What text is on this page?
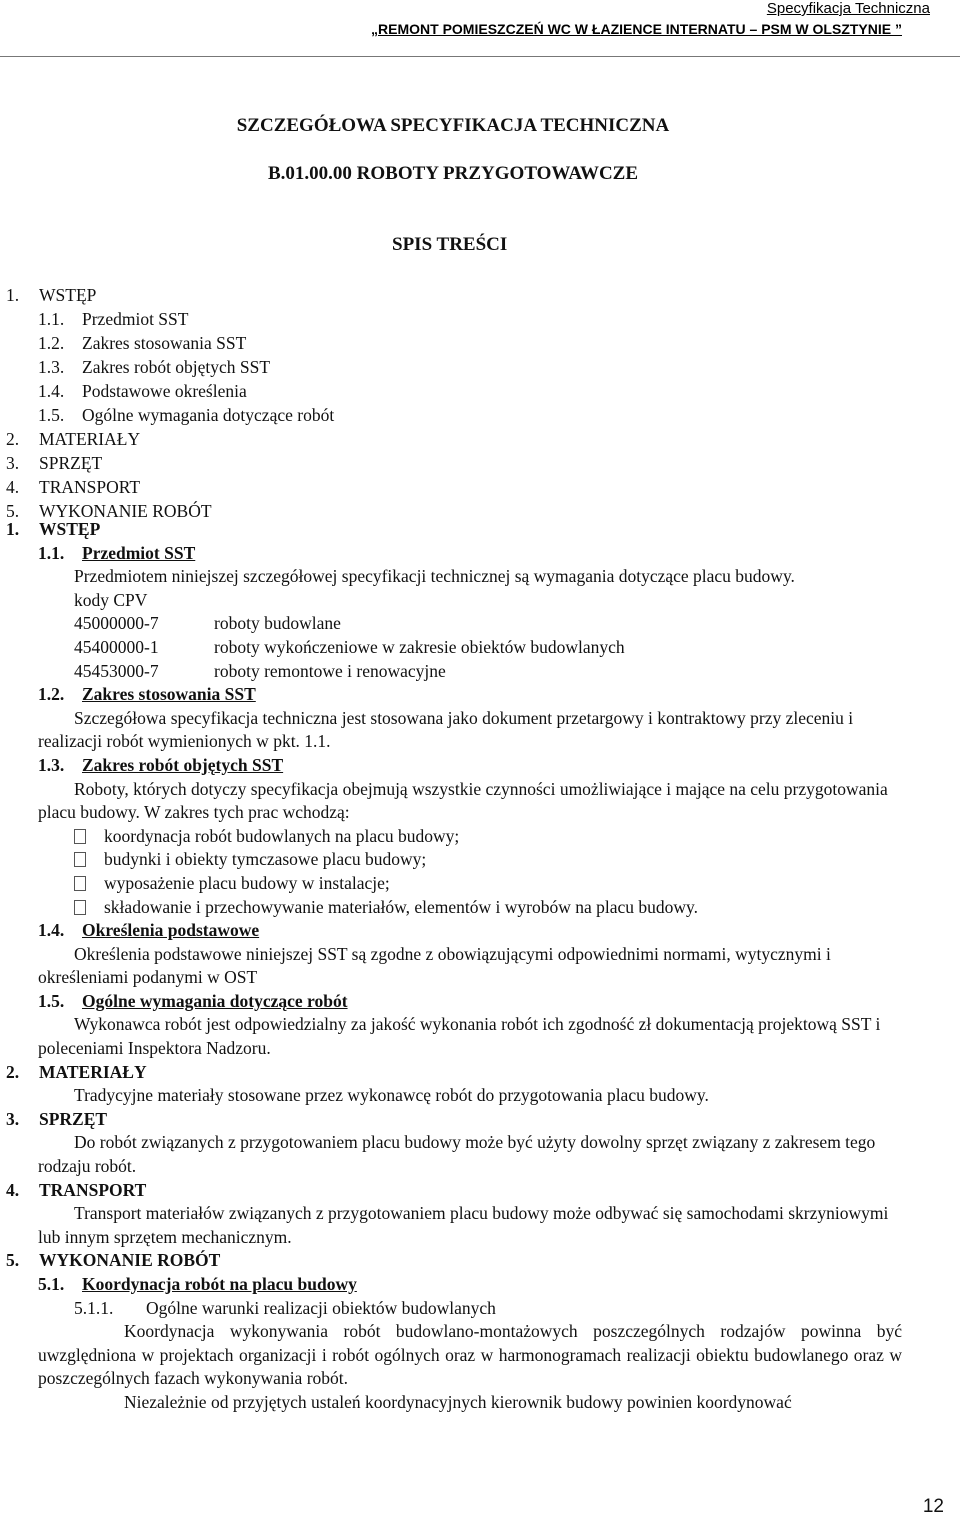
Specyfikacja Techniczna
„REMONT POMIESZCZEŃ WC W ŁAZIENCE INTERNATU – PSM W OLSZTYNIE ”
SZCZEGÓŁOWA SPECYFIKACJA TECHNICZNA
B.01.00.00 ROBOTY PRZYGOTOWAWCZE
SPIS TREŚCI
1. WSTĘP
1.1. Przedmiot SST
1.2. Zakres stosowania SST
1.3. Zakres robót objętych SST
1.4. Podstawowe określenia
1.5. Ogólne wymagania dotyczące robót
2. MATERIAŁY
3. SPRZĘT
4. TRANSPORT
5. WYKONANIE ROBÓT
1. WSTĘP
1.1. Przedmiot SST
Przedmiotem niniejszej szczegółowej specyfikacji technicznej są wymagania dotyczące placu budowy.
kody CPV
45000000-7	roboty budowlane
45400000-1	roboty wykończeniowe w zakresie obiektów budowlanych
45453000-7	roboty remontowe i renowacyjne
1.2. Zakres stosowania SST
Szczegółowa specyfikacja techniczna jest stosowana jako dokument przetargowy i kontraktowy przy zleceniu i realizacji robót wymienionych w pkt. 1.1.
1.3. Zakres robót objętych SST
Roboty, których dotyczy specyfikacja obejmują wszystkie czynności umożliwiające i mające na celu przygotowania placu budowy. W zakres tych prac wchodzą:
koordynacja robót budowlanych na placu budowy;
budynki i obiekty tymczasowe placu budowy;
wyposażenie placu budowy w instalacje;
składowanie i przechowywanie materiałów, elementów i wyrobów na placu budowy.
1.4. Określenia podstawowe
Określenia podstawowe niniejszej SST są zgodne z obowiązującymi odpowiednimi normami, wytycznymi i określeniami podanymi w OST
1.5. Ogólne wymagania dotyczące robót
Wykonawca robót jest odpowiedzialny za jakość wykonania robót ich zgodność zł dokumentacją projektową SST i poleceniami Inspektora Nadzoru.
2. MATERIAŁY
Tradycyjne materiały stosowane przez wykonawcę robót do przygotowania placu budowy.
3. SPRZĘT
Do robót związanych z przygotowaniem placu budowy może być użyty dowolny sprzęt związany z zakresem tego rodzaju robót.
4. TRANSPORT
Transport materiałów związanych z przygotowaniem placu budowy może odbywać się samochodami skrzyniowymi lub innym sprzętem mechanicznym.
5. WYKONANIE ROBÓT
5.1. Koordynacja robót na placu budowy
5.1.1. Ogólne warunki realizacji obiektów budowlanych
Koordynacja wykonywania robót budowlano-montażowych poszczególnych rodzajów powinna być uwzględniona w projektach organizacji i robót ogólnych oraz w harmonogramach realizacji obiektu budowlanego oraz w poszczególnych fazach wykonywania robót.
Niezależnie od przyjętych ustaleń koordynacyjnych kierownik budowy powinien koordynować
12
